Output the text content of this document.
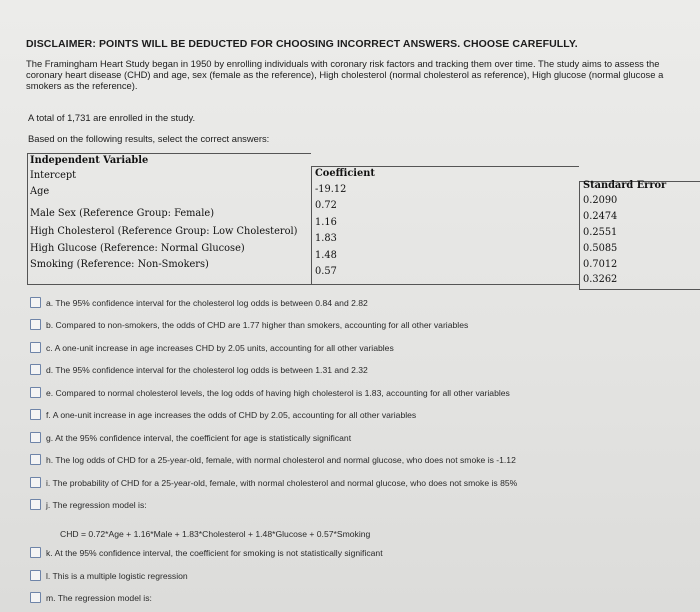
DISCLAIMER: POINTS WILL BE DEDUCTED FOR CHOOSING INCORRECT ANSWERS. CHOOSE CAREFULLY.
The Framingham Heart Study began in 1950 by enrolling individuals with coronary risk factors and tracking them over time. The study aims to assess the
coronary heart disease (CHD) and age, sex (female as the reference), High cholesterol (normal cholesterol as reference), High glucose (normal glucose a
smokers as the reference).
A total of 1,731 are enrolled in the study.
Based on the following results, select the correct answers:
Independent Variable
Coefficient
Standard Error
Intercept
Age
Male Sex (Reference Group: Female)
High Cholesterol (Reference Group: Low Cholesterol)
High Glucose (Reference: Normal Glucose)
Smoking (Reference: Non-Smokers)
-19.12
0.72
1.16
1.83
1.48
0.57
0.2090
0.2474
0.2551
0.5085
0.7012
0.3262
a. The 95% confidence interval for the cholesterol log odds is between 0.84 and 2.82
b. Compared to non-smokers, the odds of CHD are 1.77 higher than smokers, accounting for all other variables
c. A one-unit increase in age increases CHD by 2.05 units, accounting for all other variables
d. The 95% confidence interval for the cholesterol log odds is between 1.31 and 2.32
e. Compared to normal cholesterol levels, the log odds of having high cholesterol is 1.83, accounting for all other variables
f. A one-unit increase in age increases the odds of CHD by 2.05, accounting for all other variables
g. At the 95% confidence interval, the coefficient for age is statistically significant
h. The log odds of CHD for a 25-year-old, female, with normal cholesterol and normal glucose, who does not smoke is -1.12
i. The probability of CHD for a 25-year-old, female, with normal cholesterol and normal glucose, who does not smoke is 85%
j. The regression model is:
k. At the 95% confidence interval, the coefficient for smoking is not statistically significant
l. This is a multiple logistic regression
m. The regression model is:
CHD = 0.72*Age + 1.16*Male + 1.83*Cholesterol + 1.48*Glucose + 0.57*Smoking
